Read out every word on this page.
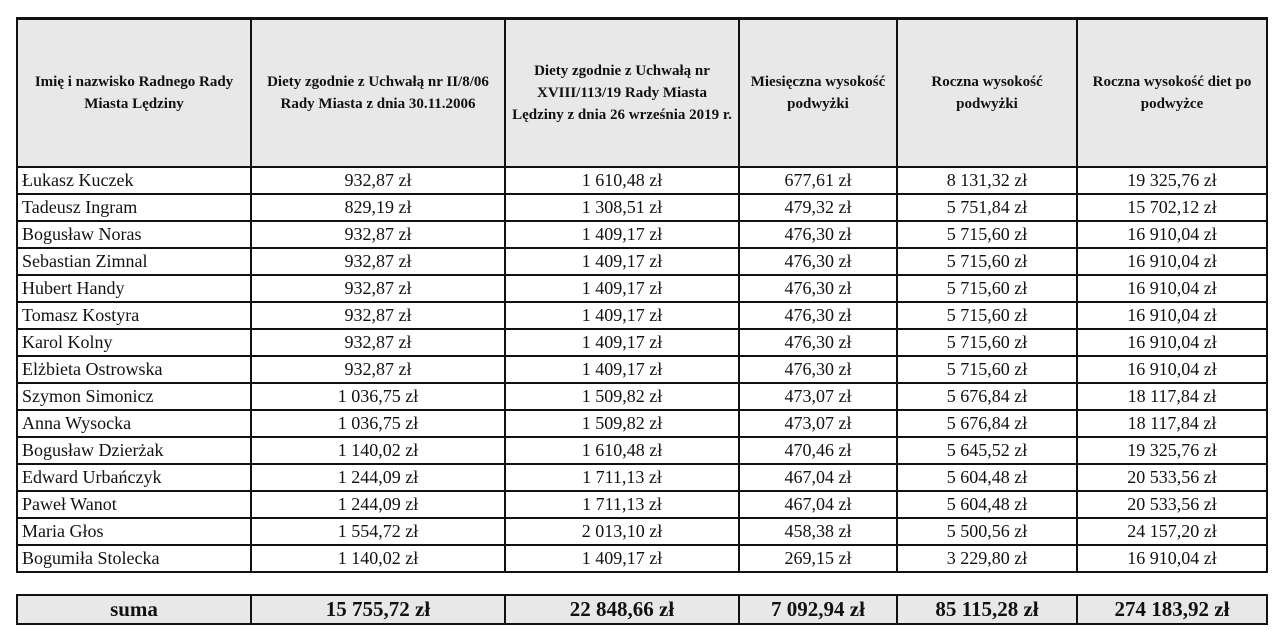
Imię i nazwisko Radnego Rady Miasta Lędziny	Diety zgodnie z Uchwałą nr II/8/06 Rady Miasta z dnia 30.11.2006	Diety zgodnie z Uchwałą nr XVIII/113/19 Rady Miasta Lędziny z dnia 26 września 2019 r.	Miesięczna wysokość podwyżki	Roczna wysokość podwyżki	Roczna wysokość diet po podwyżce
Łukasz Kuczek	932,87 zł	1 610,48 zł	677,61 zł	8 131,32 zł	19 325,76 zł
Tadeusz Ingram	829,19 zł	1 308,51 zł	479,32 zł	5 751,84 zł	15 702,12 zł
Bogusław Noras	932,87 zł	1 409,17 zł	476,30 zł	5 715,60 zł	16 910,04 zł
Sebastian Zimnal	932,87 zł	1 409,17 zł	476,30 zł	5 715,60 zł	16 910,04 zł
Hubert Handy	932,87 zł	1 409,17 zł	476,30 zł	5 715,60 zł	16 910,04 zł
Tomasz Kostyra	932,87 zł	1 409,17 zł	476,30 zł	5 715,60 zł	16 910,04 zł
Karol Kolny	932,87 zł	1 409,17 zł	476,30 zł	5 715,60 zł	16 910,04 zł
Elżbieta Ostrowska	932,87 zł	1 409,17 zł	476,30 zł	5 715,60 zł	16 910,04 zł
Szymon Simonicz	1 036,75 zł	1 509,82 zł	473,07 zł	5 676,84 zł	18 117,84 zł
Anna Wysocka	1 036,75 zł	1 509,82 zł	473,07 zł	5 676,84 zł	18 117,84 zł
Bogusław Dzierżak	1 140,02 zł	1 610,48 zł	470,46 zł	5 645,52 zł	19 325,76 zł
Edward Urbańczyk	1 244,09 zł	1 711,13 zł	467,04 zł	5 604,48 zł	20 533,56 zł
Paweł Wanot	1 244,09 zł	1 711,13 zł	467,04 zł	5 604,48 zł	20 533,56 zł
Maria Głos	1 554,72 zł	2 013,10 zł	458,38 zł	5 500,56 zł	24 157,20 zł
Bogumiła Stolecka	1 140,02 zł	1 409,17 zł	269,15 zł	3 229,80 zł	16 910,04 zł
suma	15 755,72 zł	22 848,66 zł	7 092,94 zł	85 115,28 zł	274 183,92 zł
